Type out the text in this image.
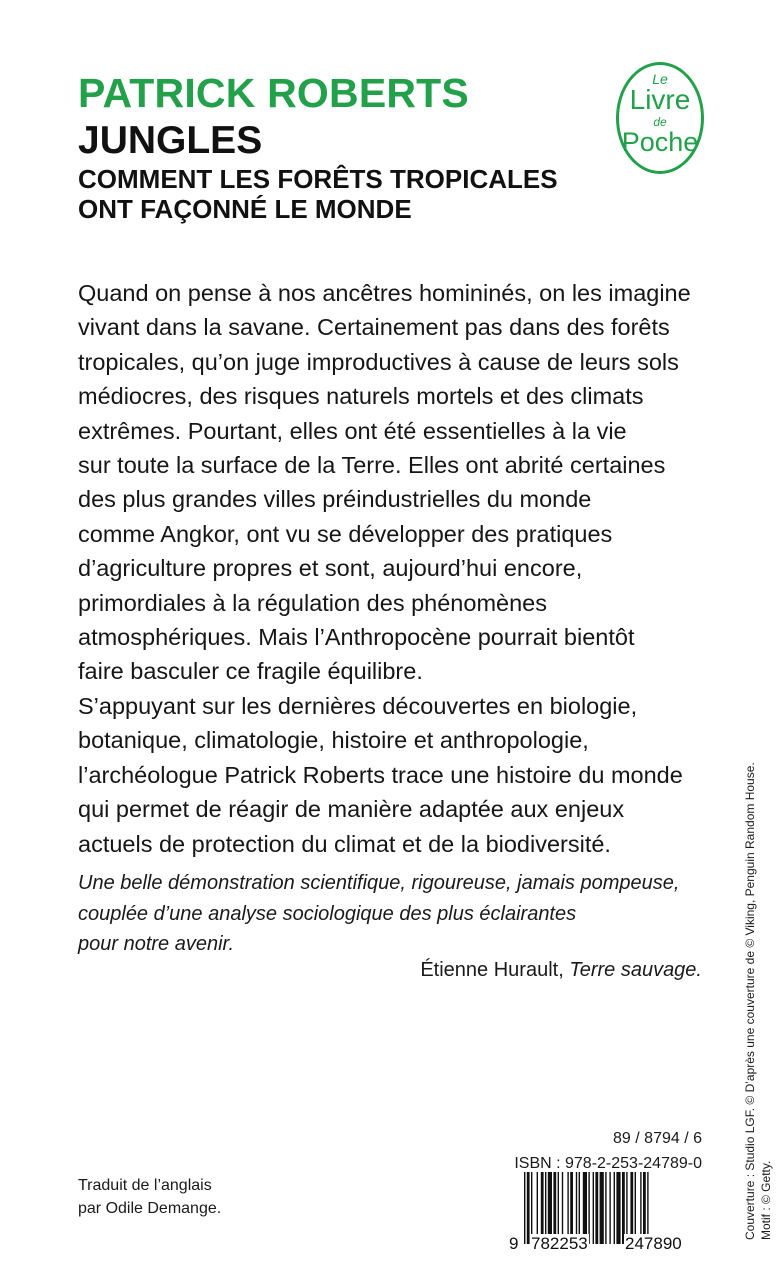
PATRICK ROBERTS
JUNGLES
COMMENT LES FORÊTS TROPICALES
ONT FAÇONNÉ LE MONDE
Le
Livre
de
Poche
Quand on pense à nos ancêtres homininés, on les imagine
vivant dans la savane. Certainement pas dans des forêts
tropicales, qu’on juge improductives à cause de leurs sols
médiocres, des risques naturels mortels et des climats
extrêmes. Pourtant, elles ont été essentielles à la vie
sur toute la surface de la Terre. Elles ont abrité certaines
des plus grandes villes préindustrielles du monde
comme Angkor, ont vu se développer des pratiques
d’agriculture propres et sont, aujourd’hui encore,
primordiales à la régulation des phénomènes
atmosphériques. Mais l’Anthropocène pourrait bientôt
faire basculer ce fragile équilibre.
S’appuyant sur les dernières découvertes en biologie,
botanique, climatologie, histoire et anthropologie,
l’archéologue Patrick Roberts trace une histoire du monde
qui permet de réagir de manière adaptée aux enjeux
actuels de protection du climat et de la biodiversité.
Une belle démonstration scientifique, rigoureuse, jamais pompeuse,
couplée d’une analyse sociologique des plus éclairantes
pour notre avenir.
Étienne Hurault, Terre sauvage.
Traduit de l’anglais
par Odile Demange.
89 / 8794 / 6
ISBN : 978-2-253-24789-0
9 782253 247890
Couverture : Studio LGF. © D’après une couverture de © Viking, Penguin Random House. Motif : © Getty.
